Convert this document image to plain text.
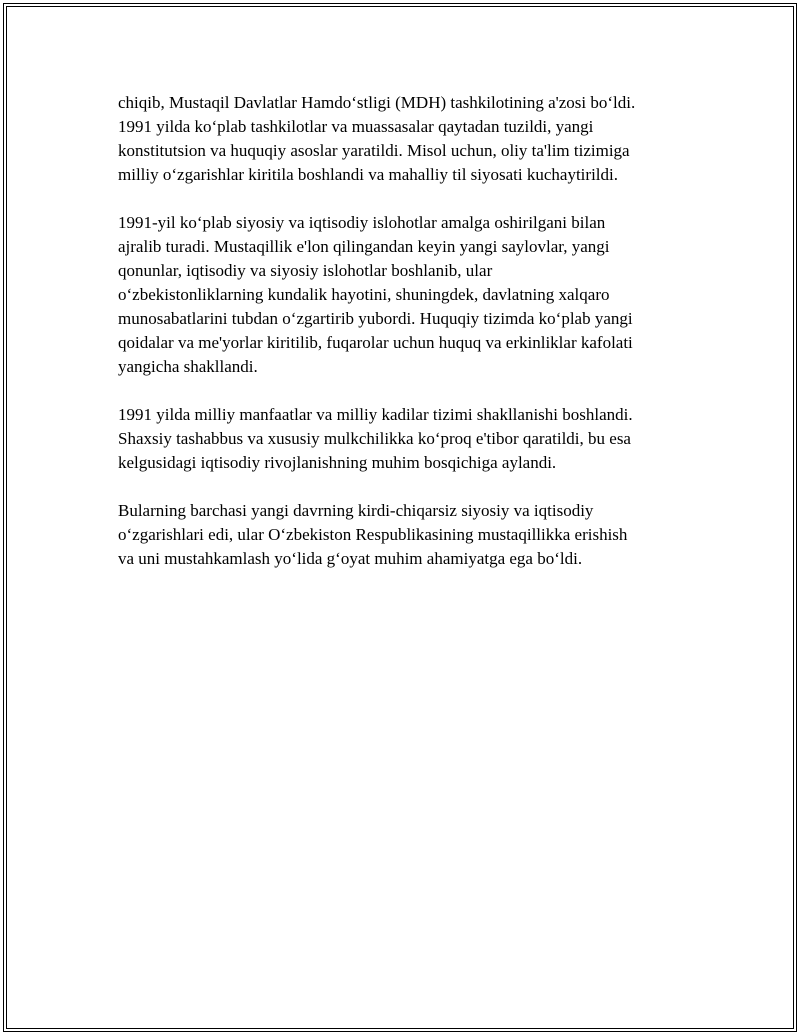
chiqib, Mustaqil Davlatlar Hamdo‘stligi (MDH) tashkilotining a'zosi bo‘ldi.
1991 yilda ko‘plab tashkilotlar va muassasalar qaytadan tuzildi, yangi
konstitutsion va huquqiy asoslar yaratildi. Misol uchun, oliy ta'lim tizimiga
milliy o‘zgarishlar kiritila boshlandi va mahalliy til siyosati kuchaytirildi.

1991-yil ko‘plab siyosiy va iqtisodiy islohotlar amalga oshirilgani bilan
ajralib turadi. Mustaqillik e'lon qilingandan keyin yangi saylovlar, yangi
qonunlar, iqtisodiy va siyosiy islohotlar boshlanib, ular
o‘zbekistonliklarning kundalik hayotini, shuningdek, davlatning xalqaro
munosabatlarini tubdan o‘zgartirib yubordi. Huquqiy tizimda ko‘plab yangi
qoidalar va me'yorlar kiritilib, fuqarolar uchun huquq va erkinliklar kafolati
yangicha shakllandi.

1991 yilda milliy manfaatlar va milliy kadilar tizimi shakllanishi boshlandi.
Shaxsiy tashabbus va xususiy mulkchilikka ko‘proq e'tibor qaratildi, bu esa
kelgusidagi iqtisodiy rivojlanishning muhim bosqichiga aylandi.

Bularning barchasi yangi davrning kirdi-chiqarsiz siyosiy va iqtisodiy
o‘zgarishlari edi, ular O‘zbekiston Respublikasining mustaqillikka erishish
va uni mustahkamlash yo‘lida g‘oyat muhim ahamiyatga ega bo‘ldi.
